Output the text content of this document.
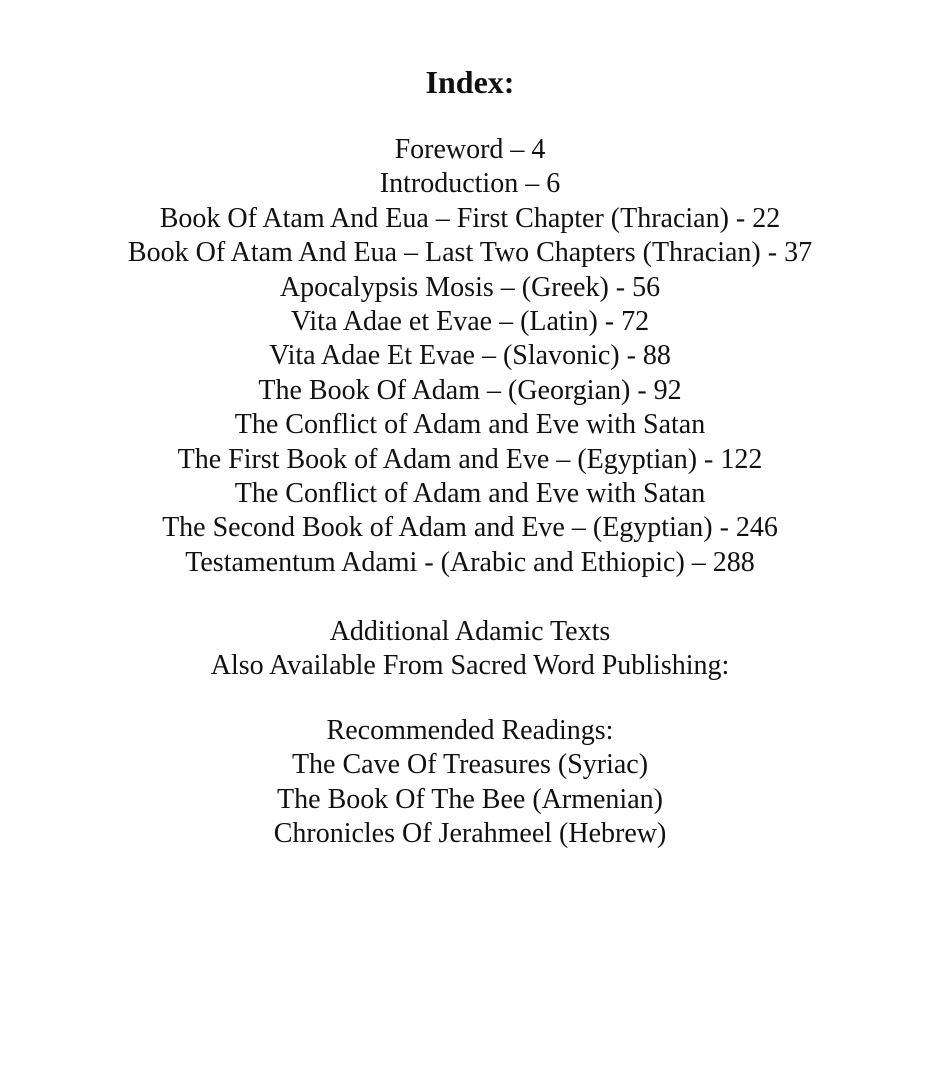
Index:
Foreword – 4
Introduction – 6
Book Of Atam And Eua – First Chapter (Thracian) - 22
Book Of Atam And Eua – Last Two Chapters (Thracian) - 37
Apocalypsis Mosis – (Greek) - 56
Vita Adae et Evae – (Latin) - 72
Vita Adae Et Evae – (Slavonic) - 88
The Book Of Adam – (Georgian) - 92
The Conflict of Adam and Eve with Satan
The First Book of Adam and Eve – (Egyptian) - 122
The Conflict of Adam and Eve with Satan
The Second Book of Adam and Eve – (Egyptian) - 246
Testamentum Adami - (Arabic and Ethiopic) – 288
Additional Adamic Texts
Also Available From Sacred Word Publishing:
Recommended Readings:
The Cave Of Treasures (Syriac)
The Book Of The Bee (Armenian)
Chronicles Of Jerahmeel (Hebrew)
